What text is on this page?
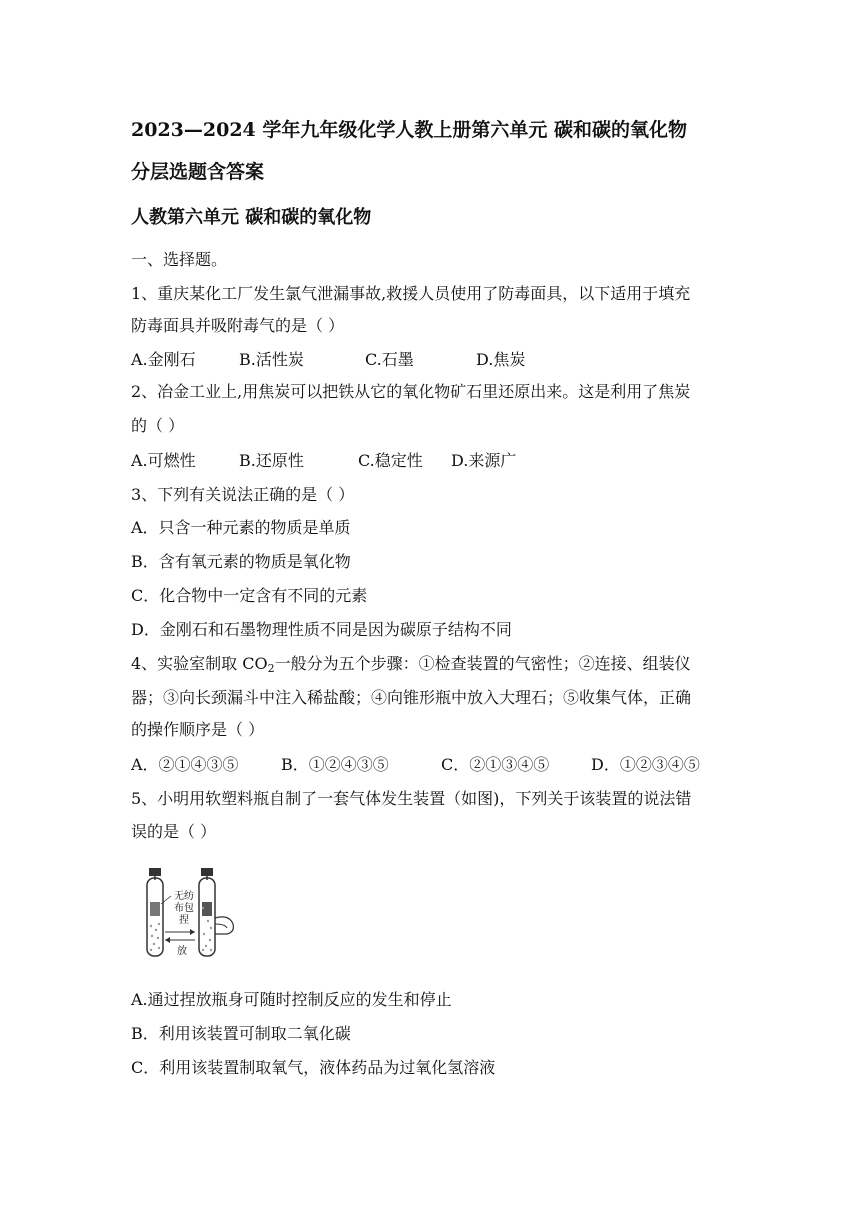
2023—2024 学年九年级化学人教上册第六单元 碳和碳的氧化物
分层选题含答案
人教第六单元 碳和碳的氧化物
一、选择题。
1、重庆某化工厂发生氯气泄漏事故,救援人员使用了防毒面具，以下适用于填充
防毒面具并吸附毒气的是（ ）
A.金刚石	B.活性炭	C.石墨	D.焦炭
2、冶金工业上,用焦炭可以把铁从它的氧化物矿石里还原出来。这是利用了焦炭
的（ ）
A.可燃性	B.还原性	C.稳定性 D.来源广
3、下列有关说法正确的是（ ）
A．只含一种元素的物质是单质
B．含有氧元素的物质是氧化物
C．化合物中一定含有不同的元素
D．金刚石和石墨物理性质不同是因为碳原子结构不同
4、实验室制取 $CO_2$一般分为五个步骤：①检查装置的气密性；②连接、组装仪
器；③向长颈漏斗中注入稀盐酸；④向锥形瓶中放入大理石；⑤收集气体，正确
的操作顺序是（ ）
A．②①④③⑤	B．①②④③⑤	C．②①③④⑤	D．①②③④⑤
5、小明用软塑料瓶自制了一套气体发生装置（如图)，下列关于该装置的说法错
误的是（ ）
无纺
布包
捏
放
A.通过捏放瓶身可随时控制反应的发生和停止
B．利用该装置可制取二氧化碳
C．利用该装置制取氧气，液体药品为过氧化氢溶液
